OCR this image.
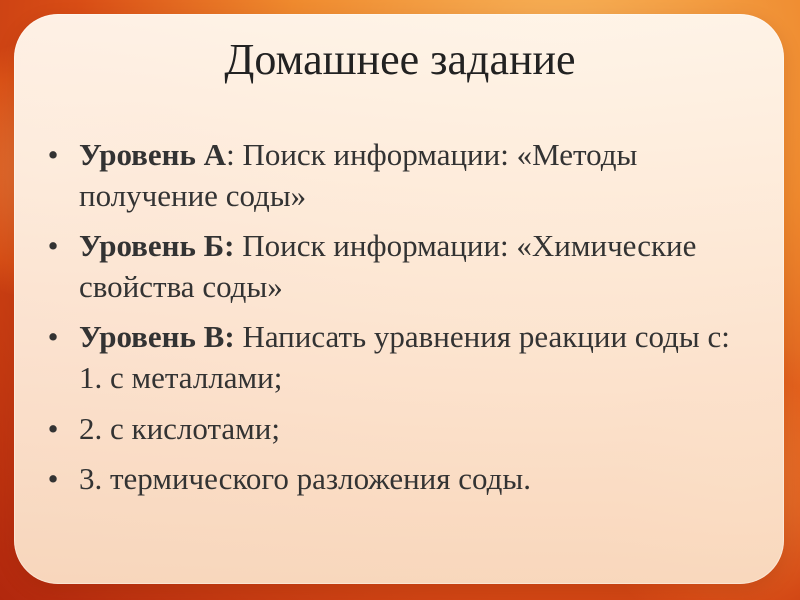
Домашнее задание
• Уровень А: Поиск информации: «Методы получение соды»
• Уровень Б: Поиск информации: «Химические свойства соды»
• Уровень В: Написать уравнения реакции соды с: 1. с металлами;
• 2. с кислотами;
• 3. термического разложения соды.
